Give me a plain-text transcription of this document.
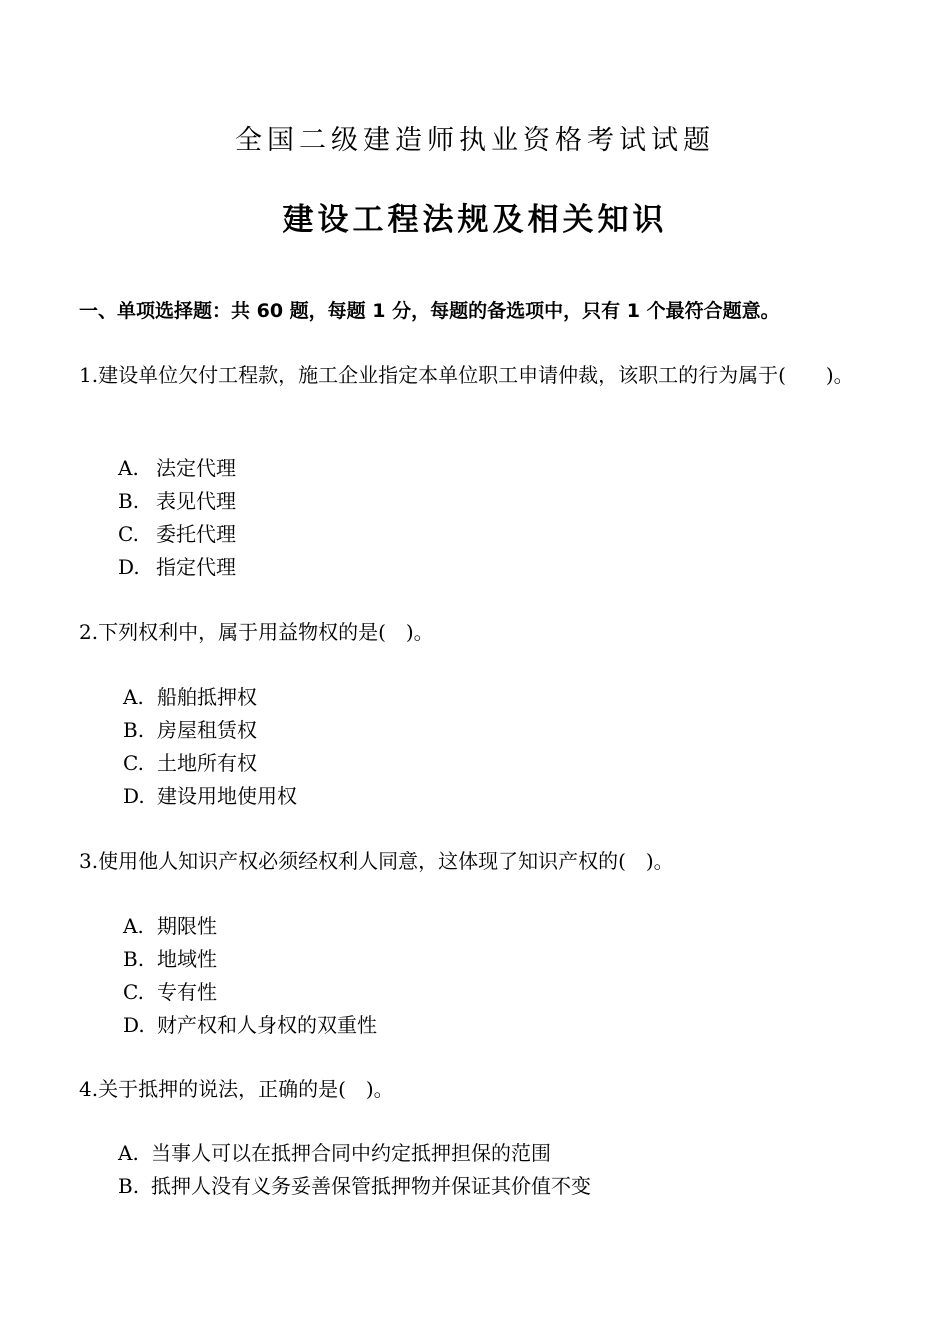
全国二级建造师执业资格考试试题
建设工程法规及相关知识
一、单项选择题：共 60 题，每题 1 分，每题的备选项中，只有 1 个最符合题意。
1.建设单位欠付工程款，施工企业指定本单位职工申请仲裁，该职工的行为属于(　　)。
A. 法定代理
B. 表见代理
C. 委托代理
D. 指定代理
2.下列权利中，属于用益物权的是(　)。
A. 船舶抵押权
B. 房屋租赁权
C. 土地所有权
D. 建设用地使用权
3.使用他人知识产权必须经权利人同意，这体现了知识产权的(　)。
A. 期限性
B. 地域性
C. 专有性
D. 财产权和人身权的双重性
4.关于抵押的说法，正确的是(　)。
A. 当事人可以在抵押合同中约定抵押担保的范围
B. 抵押人没有义务妥善保管抵押物并保证其价值不变
